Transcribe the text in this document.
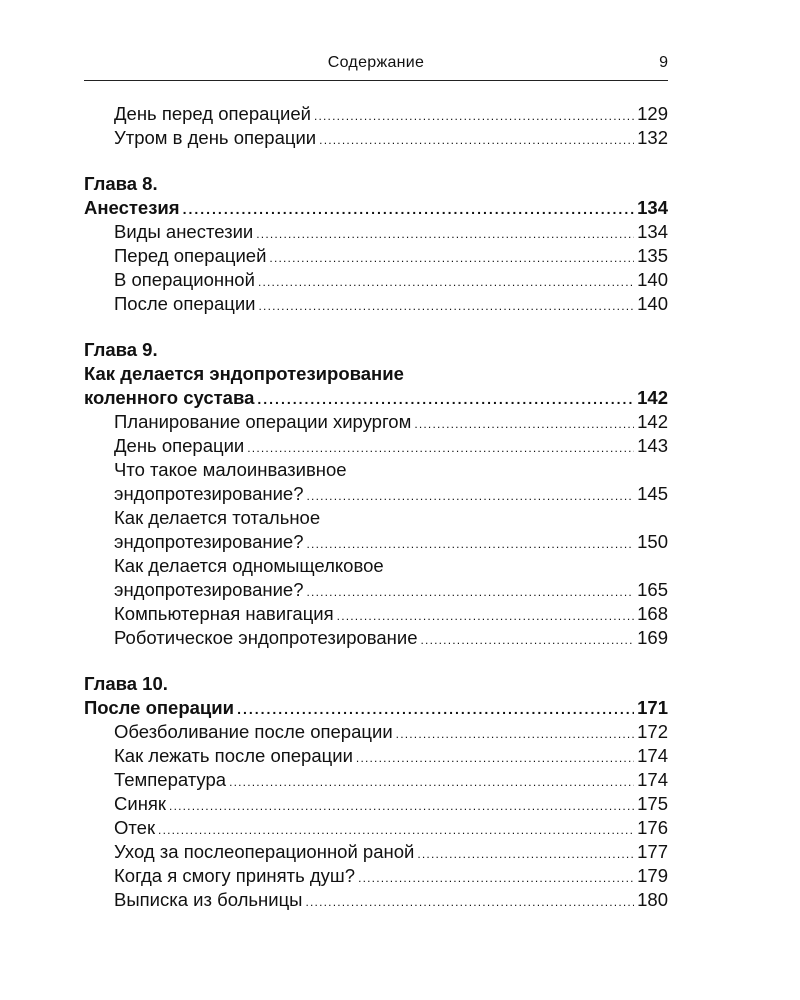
Содержание	9
День перед операцией .....	129
Утром в день операции .....	132
Глава 8.
Анестезия .....	134
Виды анестезии .....	134
Перед операцией .....	135
В операционной .....	140
После операции .....	140
Глава 9.
Как делается эндопротезирование
коленного сустава .....	142
Планирование операции хирургом .....	142
День операции .....	143
Что такое малоинвазивное
эндопротезирование? .....	145
Как делается тотальное
эндопротезирование? .....	150
Как делается одномыщелковое
эндопротезирование? .....	165
Компьютерная навигация .....	168
Роботическое эндопротезирование .....	169
Глава 10.
После операции .....	171
Обезболивание после операции .....	172
Как лежать после операции .....	174
Температура .....	174
Синяк .....	175
Отек .....	176
Уход за послеоперационной раной .....	177
Когда я смогу принять душ? .....	179
Выписка из больницы .....	180
